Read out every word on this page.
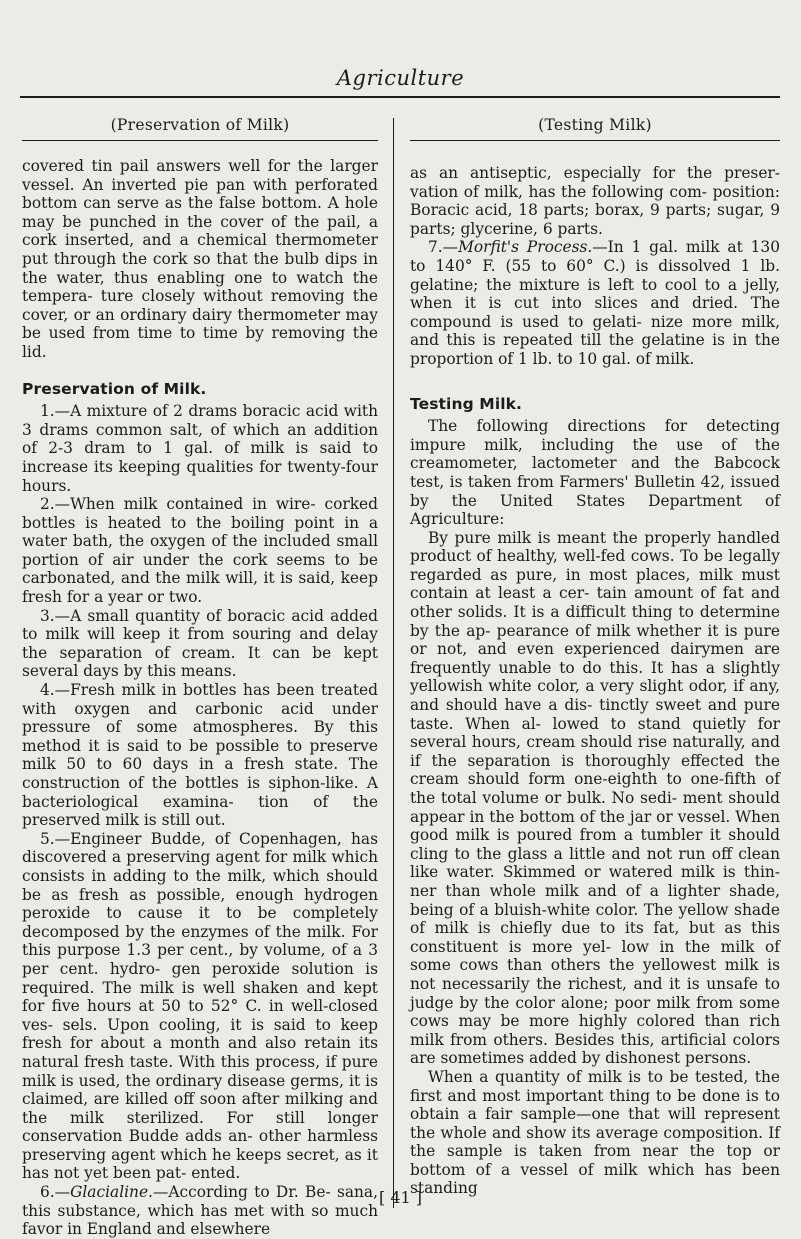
Agriculture
(Preservation of Milk)	(Testing Milk)

covered tin pail answers well for the larger vessel. An inverted pie pan with perforated bottom can serve as the false bottom. A hole may be punched in the cover of the pail, a cork inserted, and a chemical thermometer put through the cork so that the bulb dips in the water, thus enabling one to watch the tempera- ture closely without removing the cover, or an ordinary dairy thermometer may be used from time to time by removing the lid.

Preservation of Milk.

1.—A mixture of 2 drams boracic acid with 3 drams common salt, of which an addition of 2-3 dram to 1 gal. of milk is said to increase its keeping qualities for twenty-four hours.

2.—When milk contained in wire- corked bottles is heated to the boiling point in a water bath, the oxygen of the included small portion of air under the cork seems to be carbonated, and the milk will, it is said, keep fresh for a year or two.

3.—A small quantity of boracic acid added to milk will keep it from souring and delay the separation of cream. It can be kept several days by this means.

4.—Fresh milk in bottles has been treated with oxygen and carbonic acid under pressure of some atmospheres. By this method it is said to be possible to preserve milk 50 to 60 days in a fresh state. The construction of the bottles is siphon-like. A bacteriological examina- tion of the preserved milk is still out.

5.—Engineer Budde, of Copenhagen, has discovered a preserving agent for milk which consists in adding to the milk, which should be as fresh as possible, enough hydrogen peroxide to cause it to be completely decomposed by the enzymes of the milk. For this purpose 1.3 per cent., by volume, of a 3 per cent. hydro- gen peroxide solution is required. The milk is well shaken and kept for five hours at 50 to 52° C. in well-closed ves- sels. Upon cooling, it is said to keep fresh for about a month and also retain its natural fresh taste. With this process, if pure milk is used, the ordinary disease germs, it is claimed, are killed off soon after milking and the milk sterilized. For still longer conservation Budde adds an- other harmless preserving agent which he keeps secret, as it has not yet been pat- ented.

6.—Glacialine.—According to Dr. Be- sana, this substance, which has met with so much favor in England and elsewhere

as an antiseptic, especially for the preser- vation of milk, has the following com- position: Boracic acid, 18 parts; borax, 9 parts; sugar, 9 parts; glycerine, 6 parts.

7.—Morfit's Process.—In 1 gal. milk at 130 to 140° F. (55 to 60° C.) is dissolved 1 lb. gelatine; the mixture is left to cool to a jelly, when it is cut into slices and dried. The compound is used to gelati- nize more milk, and this is repeated till the gelatine is in the proportion of 1 lb. to 10 gal. of milk.

Testing Milk.

The following directions for detecting impure milk, including the use of the creamometer, lactometer and the Babcock test, is taken from Farmers' Bulletin 42, issued by the United States Department of Agriculture:

By pure milk is meant the properly handled product of healthy, well-fed cows. To be legally regarded as pure, in most places, milk must contain at least a cer- tain amount of fat and other solids. It is a difficult thing to determine by the ap- pearance of milk whether it is pure or not, and even experienced dairymen are frequently unable to do this. It has a slightly yellowish white color, a very slight odor, if any, and should have a dis- tinctly sweet and pure taste. When al- lowed to stand quietly for several hours, cream should rise naturally, and if the separation is thoroughly effected the cream should form one-eighth to one-fifth of the total volume or bulk. No sedi- ment should appear in the bottom of the jar or vessel. When good milk is poured from a tumbler it should cling to the glass a little and not run off clean like water. Skimmed or watered milk is thin- ner than whole milk and of a lighter shade, being of a bluish-white color. The yellow shade of milk is chiefly due to its fat, but as this constituent is more yel- low in the milk of some cows than others the yellowest milk is not necessarily the richest, and it is unsafe to judge by the color alone; poor milk from some cows may be more highly colored than rich milk from others. Besides this, artificial colors are sometimes added by dishonest persons.

When a quantity of milk is to be tested, the first and most important thing to be done is to obtain a fair sample—one that will represent the whole and show its average composition. If the sample is taken from near the top or bottom of a vessel of milk which has been standing

[ 41 ]
